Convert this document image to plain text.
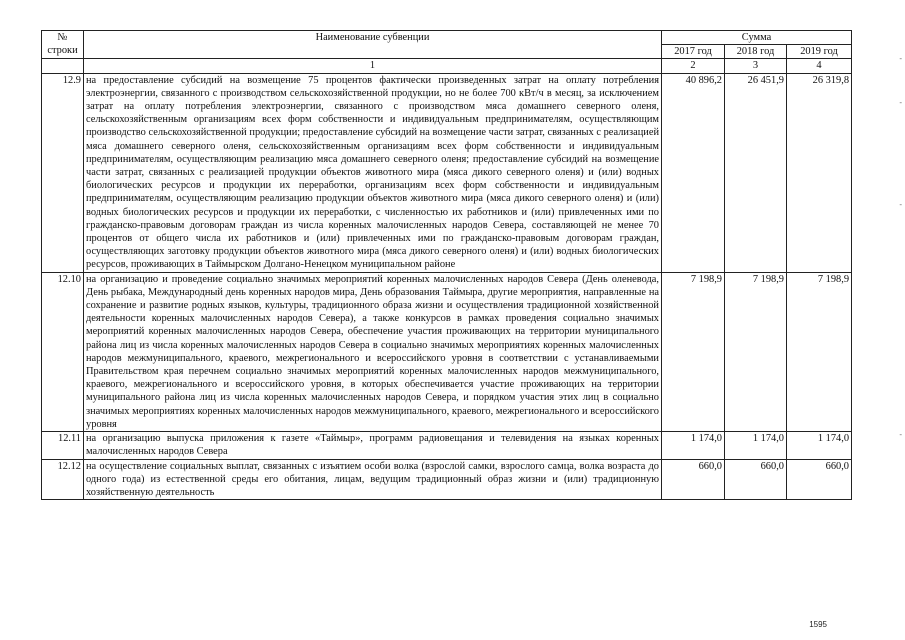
№
строки	Наименование субвенции	Сумма		
		2017 год	2018 год	2019 год
	1	2	3	4
12.9	на предоставление субсидий на возмещение 75 процентов фактически произведенных затрат на оплату потребления электроэнергии, связанного с производством сельскохозяйственной продукции, но не более 700 кВт/ч в месяц, за исключением затрат на оплату потребления электроэнергии, связанного с производством мяса домашнего северного оленя, сельскохозяйственным организациям всех форм собственности и индивидуальным предпринимателям, осуществляющим производство сельскохозяйственной продукции; предоставление субсидий на возмещение части затрат, связанных с реализацией мяса домашнего северного оленя, сельскохозяйственным организациям всех форм собственности и индивидуальным предпринимателям, осуществляющим реализацию мяса домашнего северного оленя; предоставление субсидий на возмещение части затрат, связанных с реализацией продукции объектов животного мира (мяса дикого северного оленя) и (или) водных биологических ресурсов и продукции их переработки, организациям всех форм собственности и индивидуальным предпринимателям, осуществляющим реализацию продукции объектов животного мира (мяса дикого северного оленя) и (или) водных биологических ресурсов и продукции их переработки, с численностью их работников и (или) привлеченных ими по гражданско-правовым договорам граждан из числа коренных малочисленных народов Севера, составляющей не менее 70 процентов от общего числа их работников и (или) привлеченных ими по гражданско-правовым договорам граждан, осуществляющих заготовку продукции объектов животного мира (мяса дикого северного оленя) и (или) водных биологических ресурсов, проживающих в Таймырском Долгано-Ненецком муниципальном районе	40 896,2	26 451,9	26 319,8
12.10	на организацию и проведение социально значимых мероприятий коренных малочисленных народов Севера (День оленевода, День рыбака, Международный день коренных народов мира, День образования Таймыра, другие мероприятия, направленные на сохранение и развитие родных языков, культуры, традиционного образа жизни и осуществления традиционной хозяйственной деятельности коренных малочисленных народов Севера), а также конкурсов в рамках проведения социально значимых мероприятий коренных малочисленных народов Севера, обеспечение участия проживающих на территории муниципального района лиц из числа коренных малочисленных народов Севера в социально значимых мероприятиях коренных малочисленных народов межмуниципального, краевого, межрегионального и всероссийского уровня в соответствии с устанавливаемыми Правительством края перечнем социально значимых мероприятий коренных малочисленных народов межмуниципального, краевого, межрегионального и всероссийского уровня, в которых обеспечивается участие проживающих на территории муниципального района лиц из числа коренных малочисленных народов Севера, и порядком участия этих лиц в социально значимых мероприятиях коренных малочисленных народов межмуниципального, краевого, межрегионального и всероссийского уровня	7 198,9	7 198,9	7 198,9
12.11	на организацию выпуска приложения к газете «Таймыр», программ радиовещания и телевидения на языках коренных малочисленных народов Севера	1 174,0	1 174,0	1 174,0
12.12	на осуществление социальных выплат, связанных с изъятием особи волка (взрослой самки, взрослого самца, волка возраста до одного года) из естественной среды его обитания, лицам, ведущим традиционный образ жизни и (или) традиционную хозяйственную деятельность	660,0	660,0	660,0
1595
-
-
-
-
